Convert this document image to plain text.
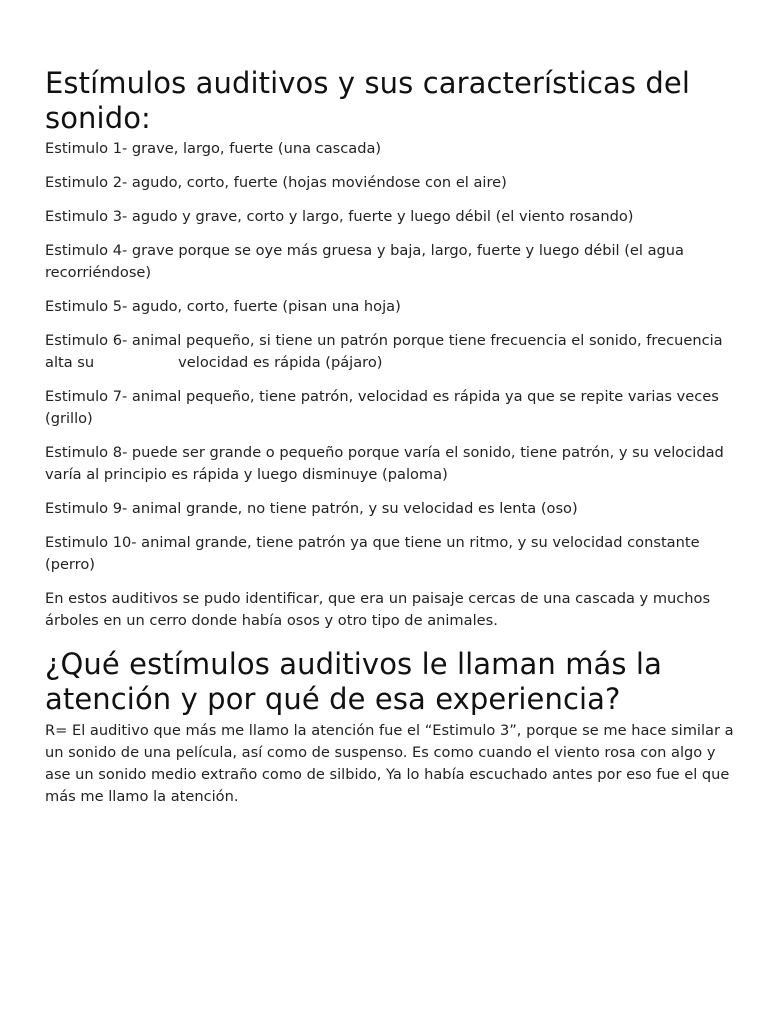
Estímulos auditivos y sus características del sonido:

Estimulo 1- grave, largo, fuerte (una cascada)

Estimulo 2- agudo, corto, fuerte (hojas moviéndose con el aire)

Estimulo 3- agudo y grave, corto y largo, fuerte y luego débil (el viento rosando)

Estimulo 4- grave porque se oye más gruesa y baja, largo, fuerte y luego débil (el agua recorriéndose)

Estimulo 5- agudo, corto, fuerte (pisan una hoja)

Estimulo 6- animal pequeño, si tiene un patrón porque tiene frecuencia el sonido, frecuencia alta su	velocidad es rápida (pájaro)

Estimulo 7- animal pequeño, tiene patrón, velocidad es rápida ya que se repite varias veces (grillo)

Estimulo 8- puede ser grande o pequeño porque varía el sonido, tiene patrón, y su velocidad varía al principio es rápida y luego disminuye (paloma)

Estimulo 9- animal grande, no tiene patrón, y su velocidad es lenta (oso)

Estimulo 10- animal grande, tiene patrón ya que tiene un ritmo, y su velocidad constante (perro)

En estos auditivos se pudo identificar, que era un paisaje cercas de una cascada y muchos árboles en un cerro donde había osos y otro tipo de animales.

¿Qué estímulos auditivos le llaman más la atención y por qué de esa experiencia?

R= El auditivo que más me llamo la atención fue el “Estimulo 3”, porque se me hace similar a un sonido de una película, así como de suspenso. Es como cuando el viento rosa con algo y ase un sonido medio extraño como de silbido, Ya lo había escuchado antes por eso fue el que más me llamo la atención.
